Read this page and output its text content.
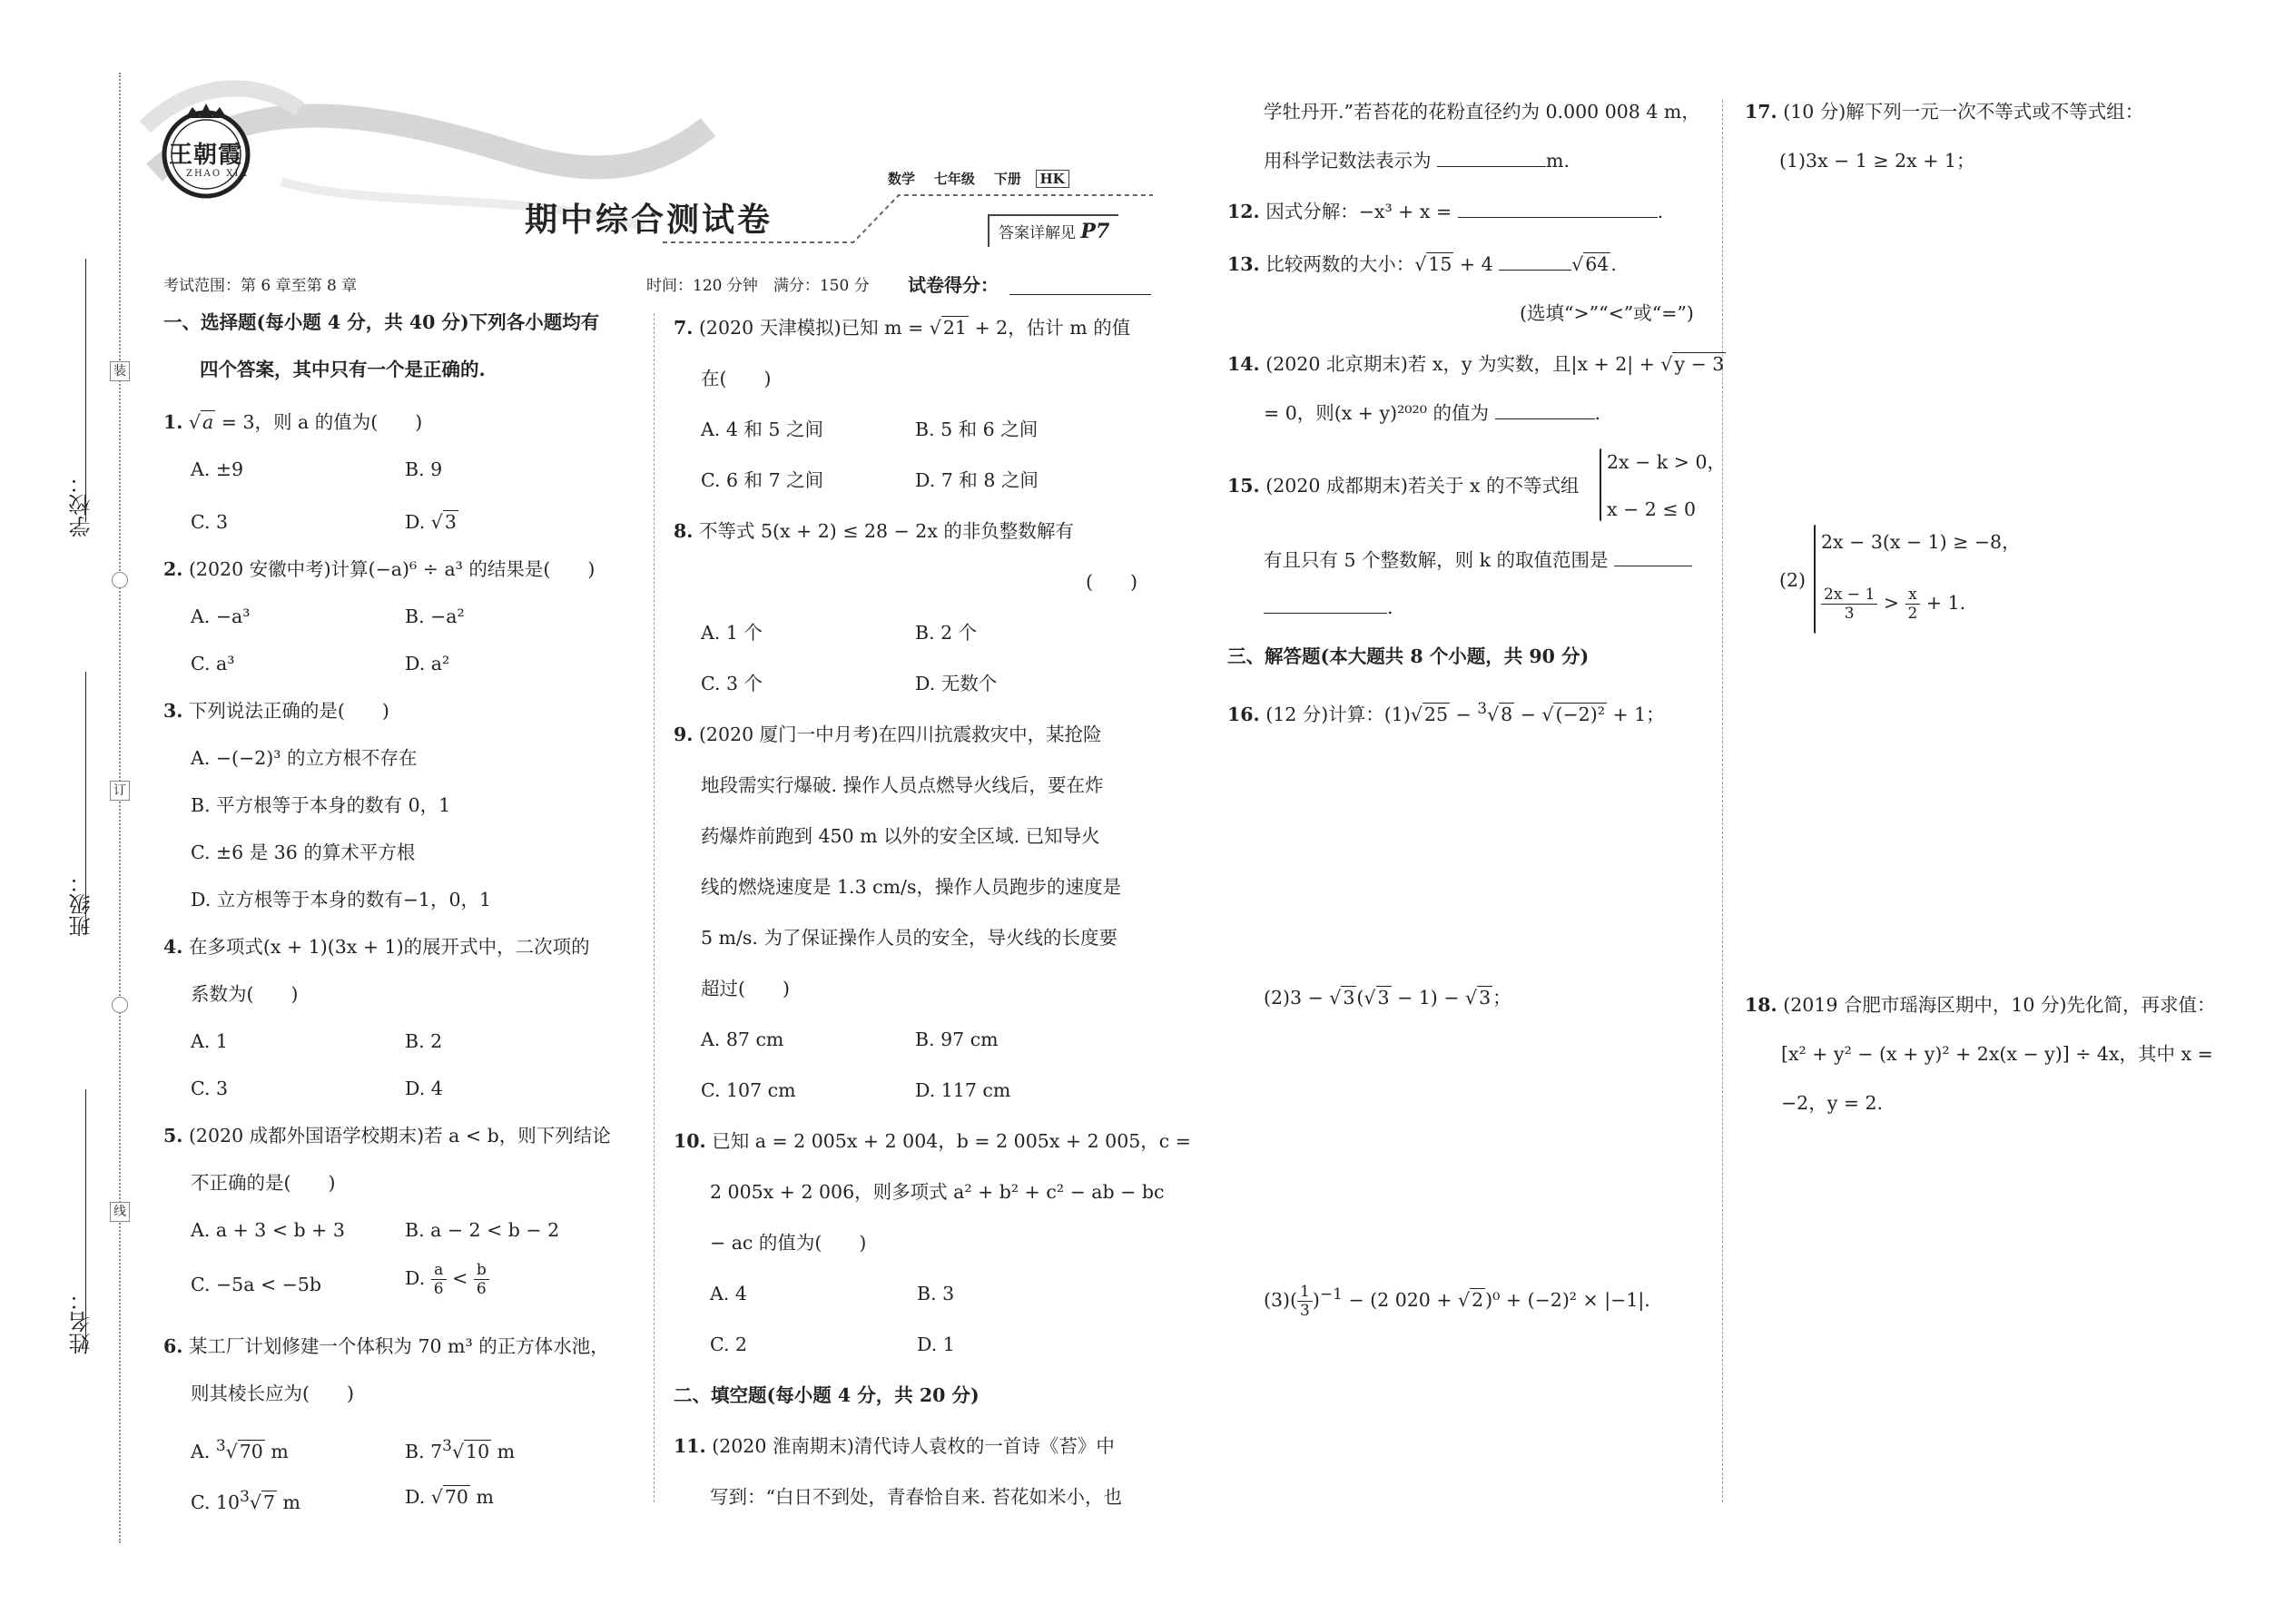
装
订
线
学校：
班级：
姓名：
王朝霞
ZHAO XIA
期中综合测试卷
数学 七年级 下册 HK
答案详解见 P7
考试范围：第 6 章至第 8 章	时间：120 分钟　满分：150 分 试卷得分：
一、选择题(每小题 4 分，共 40 分)下列各小题均有
四个答案，其中只有一个是正确的.
1. √a = 3，则 a 的值为(　　)
A. ±9	B. 9
C. 3	D. √3
2. (2020 安徽中考)计算(−a)⁶ ÷ a³ 的结果是(　　)
A. −a³	B. −a²
C. a³	D. a²
3. 下列说法正确的是(　　)
A. −(−2)³ 的立方根不存在
B. 平方根等于本身的数有 0，1
C. ±6 是 36 的算术平方根
D. 立方根等于本身的数有−1，0，1
4. 在多项式(x + 1)(3x + 1)的展开式中，二次项的
系数为(　　)
A. 1	B. 2
C. 3	D. 4
5. (2020 成都外国语学校期末)若 a < b，则下列结论
不正确的是(　　)
A. a + 3 < b + 3	B. a − 2 < b − 2
C. −5a < −5b	D. $\frac{a}{6} < \frac{b}{6}$
6. 某工厂计划修建一个体积为 70 m³ 的正方体水池，
则其棱长应为(　　)
A. $^3$√70 m	B. $7^3√10$ m
C. $10^3√7$ m	D. √70 m
7. (2020 天津模拟)已知 m = √21 + 2，估计 m 的值
在(　　)
A. 4 和 5 之间	B. 5 和 6 之间
C. 6 和 7 之间	D. 7 和 8 之间
8. 不等式 5(x + 2) ≤ 28 − 2x 的非负整数解有
(　　)
A. 1 个	B. 2 个
C. 3 个	D. 无数个
9. (2020 厦门一中月考)在四川抗震救灾中，某抢险
地段需实行爆破. 操作人员点燃导火线后，要在炸
药爆炸前跑到 450 m 以外的安全区域. 已知导火
线的燃烧速度是 1.3 cm/s，操作人员跑步的速度是
5 m/s. 为了保证操作人员的安全，导火线的长度要
超过(　　)
A. 87 cm	B. 97 cm
C. 107 cm	D. 117 cm
10. 已知 a = 2 005x + 2 004，b = 2 005x + 2 005，c =
2 005x + 2 006，则多项式 a² + b² + c² − ab − bc
− ac 的值为(　　)
A. 4	B. 3
C. 2	D. 1
二、填空题(每小题 4 分，共 20 分)
11. (2020 淮南期末)清代诗人袁枚的一首诗《苔》中
写到：“白日不到处，青春恰自来. 苔花如米小，也
学牡丹开.”若苔花的花粉直径约为 0.000 008 4 m，
用科学记数法表示为	m.
12. 因式分解：−x³ + x =	.
13. 比较两数的大小：√15 + 4	√64.
(选填“>”“<”或“=”)
14. (2020 北京期末)若 x，y 为实数，且|x + 2| + √y − 3
= 0，则(x + y)²⁰²⁰ 的值为	.
15. (2020 成都期末)若关于 x 的不等式组
2x − k > 0，
x − 2 ≤ 0
有且只有 5 个整数解，则 k 的取值范围是
.
三、解答题(本大题共 8 个小题，共 90 分)
16. (12 分)计算：(1)√25 − $^3$√8 − √(−2)² + 1；
(2)3 − √3(√3 − 1) − √3；
$(3)( \frac{1}{3} )^{-1} - (2$ 020 + √2)⁰ + (−2)² × |−1|.
17. (10 分)解下列一元一次不等式或不等式组：
(1)3x − 1 ≥ 2x + 1；
(2)
2x − 3(x − 1) ≥ −8，
$\frac{2x - 1}{3} > \frac{x}{2} + 1$.
18. (2019 合肥市瑶海区期中，10 分)先化简，再求值：
[x² + y² − (x + y)² + 2x(x − y)] ÷ 4x，其中 x =
−2，y = 2.
